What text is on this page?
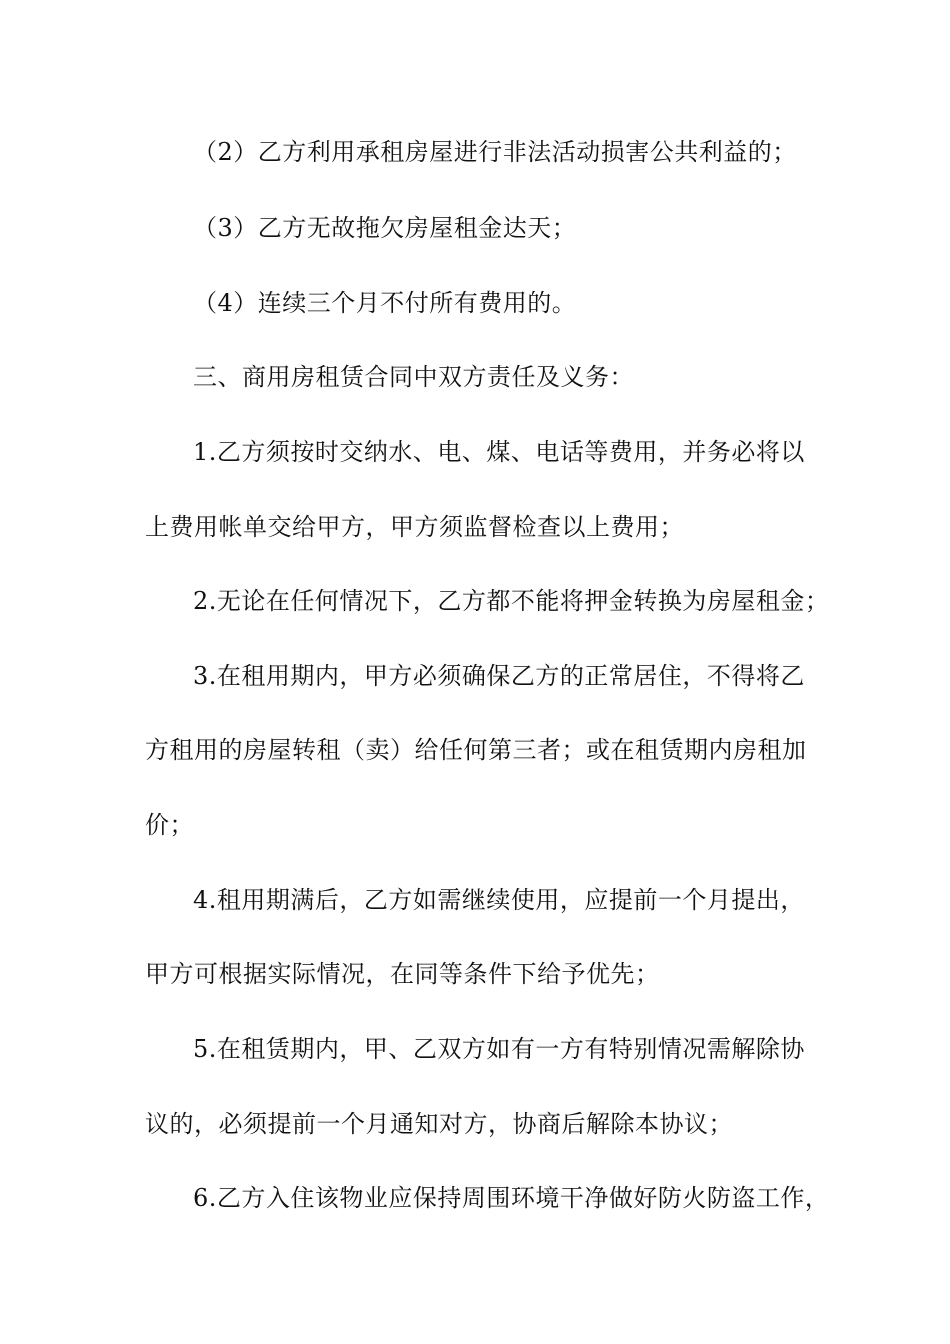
（2）乙方利用承租房屋进行非法活动损害公共利益的；
（3）乙方无故拖欠房屋租金达天；
（4）连续三个月不付所有费用的。
三、商用房租赁合同中双方责任及义务：
1.乙方须按时交纳水、电、煤、电话等费用，并务必将以
上费用帐单交给甲方，甲方须监督检查以上费用；
2.无论在任何情况下，乙方都不能将押金转换为房屋租金；
3.在租用期内，甲方必须确保乙方的正常居住，不得将乙
方租用的房屋转租（卖）给任何第三者；或在租赁期内房租加
价；
4.租用期满后，乙方如需继续使用，应提前一个月提出，
甲方可根据实际情况，在同等条件下给予优先；
5.在租赁期内，甲、乙双方如有一方有特别情况需解除协
议的，必须提前一个月通知对方，协商后解除本协议；
6.乙方入住该物业应保持周围环境干净做好防火防盗工作，
